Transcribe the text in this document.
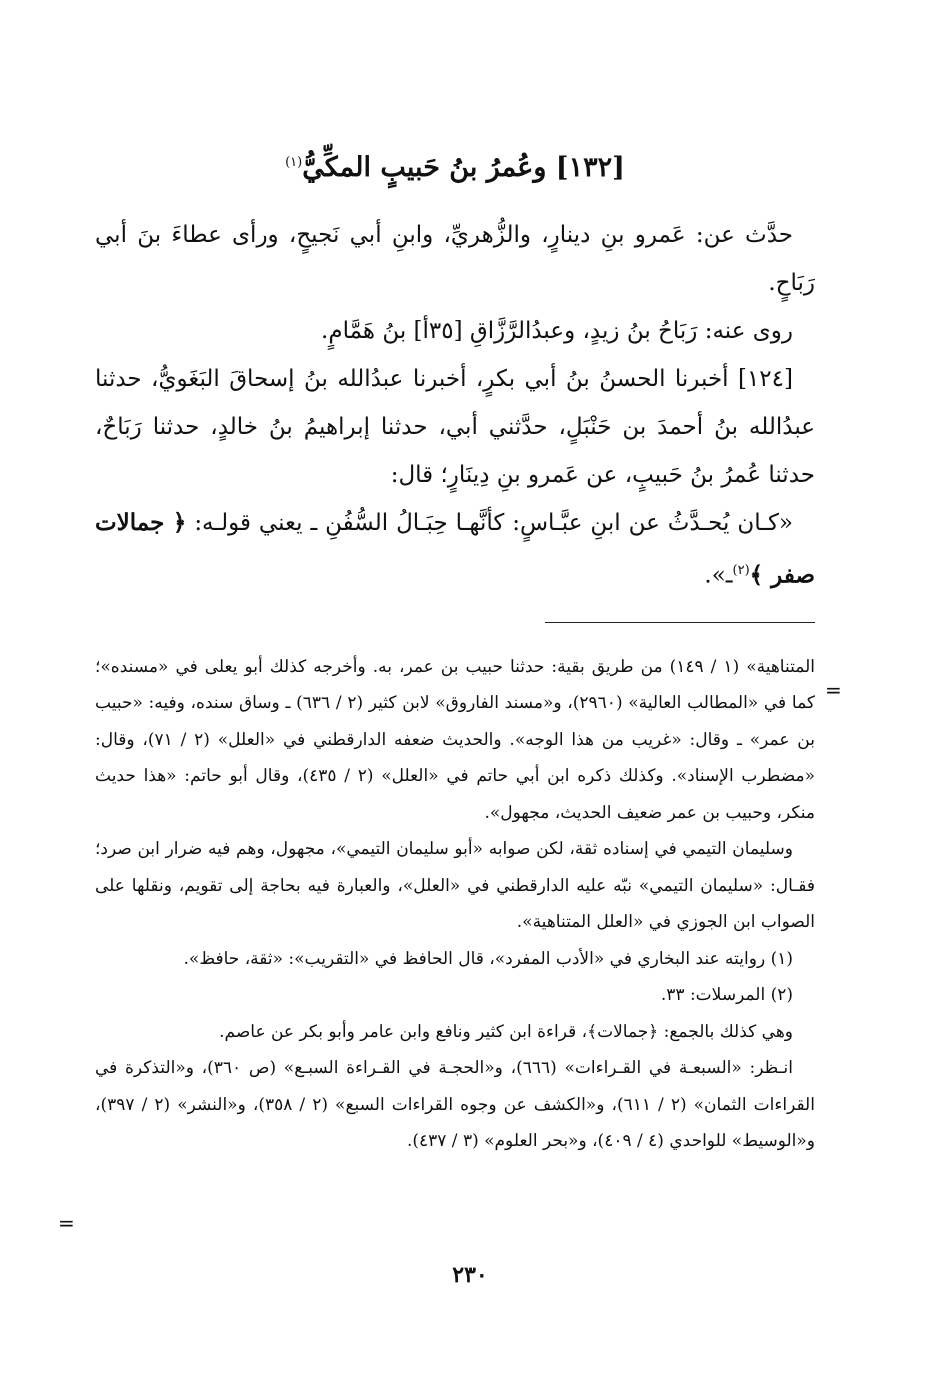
=
=
[١٣٢] وعُمرُ بنُ حَبيبٍ المكِّيُّ$^{(١)}$

حدَّث عن: عَمرو بنِ دينارٍ، والزُّهريِّ، وابنِ أبي نَجيحٍ، ورأى عطاءَ بنَ أبي رَبَاحٍ.

روى عنه: رَبَاحُ بنُ زيدٍ، وعبدُالرَّزَّاقِ [٣٥أ] بنُ هَمَّامٍ.

[١٢٤] أخبرنا الحسنُ بنُ أبي بكرٍ، أخبرنا عبدُالله بنُ إسحاقَ البَغَويُّ، حدثنا عبدُالله بنُ أحمدَ بن حَنْبَلٍ، حدَّثني أبي، حدثنا إبراهيمُ بنُ خالدٍ، حدثنا رَبَاحٌ، حدثنا عُمرُ بنُ حَبيبٍ، عن عَمرو بنِ دِينَارٍ؛ قال:

«كـان يُحـدَّثُ عن ابنِ عبَّـاسٍ: كأنَّهـا حِبَـالُ السُّفُنِ ـ يعني قولـه: ﴿ جمالات صفر ﴾$^{(٢)}$ـ».

المتناهية» (١ / ١٤٩) من طريق بقية: حدثنا حبيب بن عمر، به. وأخرجه كذلك أبو يعلى في «مسنده»؛ كما في «المطالب العالية» (٢٩٦٠)، و«مسند الفاروق» لابن كثير (٢ / ٦٣٦) ـ وساق سنده، وفيه: «حبيب بن عمر» ـ وقال: «غريب من هذا الوجه». والحديث ضعفه الدارقطني في «العلل» (٢ / ٧١)، وقال: «مضطرب الإسناد». وكذلك ذكره ابن أبي حاتم في «العلل» (٢ / ٤٣٥)، وقال أبو حاتم: «هذا حديث منكر، وحبيب بن عمر ضعيف الحديث، مجهول».

وسليمان التيمي في إسناده ثقة، لكن صوابه «أبو سليمان التيمي»، مجهول، وهم فيه ضرار ابن صرد؛ فقـال: «سليمان التيمي» نبّه عليه الدارقطني في «العلل»، والعبارة فيه بحاجة إلى تقويم، ونقلها على الصواب ابن الجوزي في «العلل المتناهية».

(١) روايته عند البخاري في «الأدب المفرد»، قال الحافظ في «التقريب»: «ثقة، حافظ».

(٢) المرسلات: ٣٣.

وهي كذلك بالجمع: ﴿جمالات﴾، قراءة ابن كثير ونافع وابن عامر وأبو بكر عن عاصم.

انـظر: «السبعـة في القـراءات» (٦٦٦)، و«الحجـة في القـراءة السبـع» (ص ٣٦٠)، و«التذكرة في القراءات الثمان» (٢ / ٦١١)، و«الكشف عن وجوه القراءات السبع» (٢ / ٣٥٨)، و«النشر» (٢ / ٣٩٧)، و«الوسيط» للواحدي (٤ / ٤٠٩)، و«بحر العلوم» (٣ / ٤٣٧).

٢٣٠
